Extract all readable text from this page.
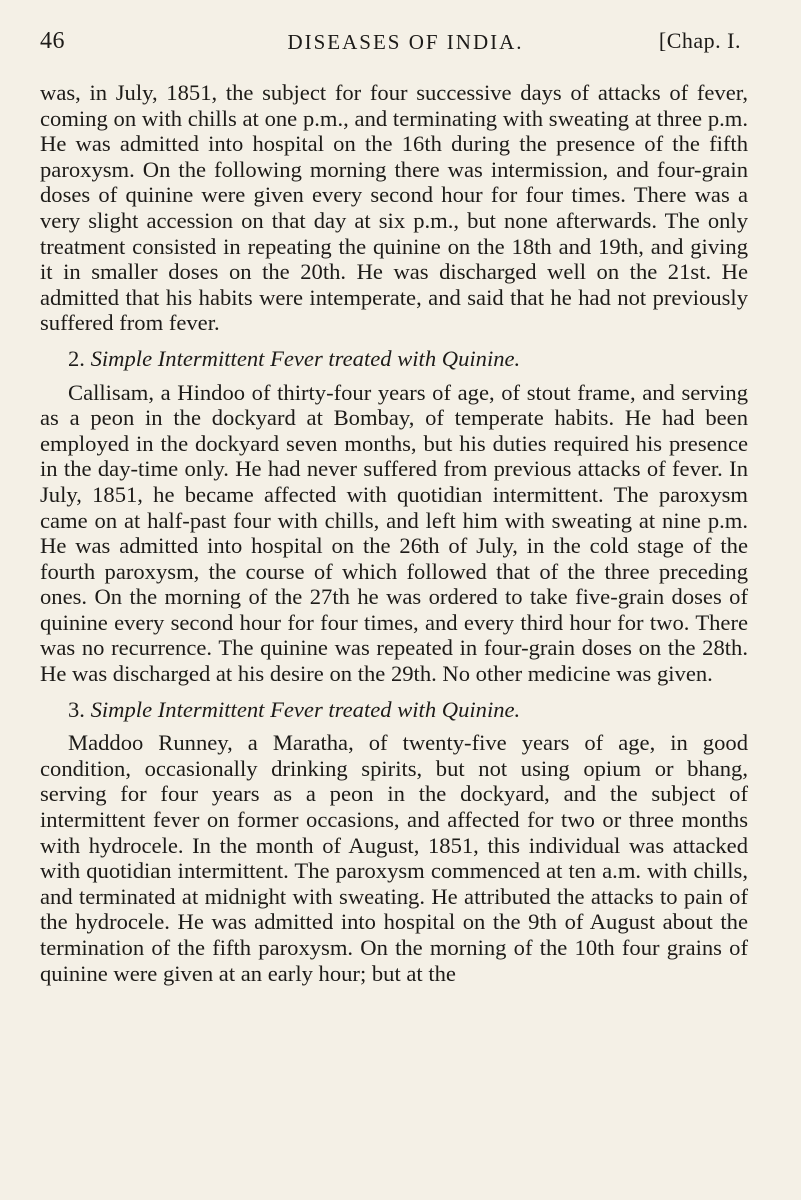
46	DISEASES OF INDIA.	[Chap. I.

was, in July, 1851, the subject for four successive days of attacks of fever, coming on with chills at one p.m., and terminating with sweating at three p.m. He was admitted into hospital on the 16th during the presence of the fifth paroxysm. On the following morning there was intermission, and four-grain doses of quinine were given every second hour for four times. There was a very slight accession on that day at six p.m., but none afterwards. The only treatment consisted in repeating the quinine on the 18th and 19th, and giving it in smaller doses on the 20th. He was discharged well on the 21st. He admitted that his habits were intemperate, and said that he had not previously suffered from fever.

2. Simple Intermittent Fever treated with Quinine.

Callisam, a Hindoo of thirty-four years of age, of stout frame, and serving as a peon in the dockyard at Bombay, of temperate habits. He had been employed in the dockyard seven months, but his duties required his presence in the day-time only. He had never suffered from previous attacks of fever. In July, 1851, he became affected with quotidian intermittent. The paroxysm came on at half-past four with chills, and left him with sweating at nine p.m. He was admitted into hospital on the 26th of July, in the cold stage of the fourth paroxysm, the course of which followed that of the three preceding ones. On the morning of the 27th he was ordered to take five-grain doses of quinine every second hour for four times, and every third hour for two. There was no recurrence. The quinine was repeated in four-grain doses on the 28th. He was discharged at his desire on the 29th. No other medicine was given.

3. Simple Intermittent Fever treated with Quinine.

Maddoo Runney, a Maratha, of twenty-five years of age, in good condition, occasionally drinking spirits, but not using opium or bhang, serving for four years as a peon in the dockyard, and the subject of intermittent fever on former occasions, and affected for two or three months with hydrocele. In the month of August, 1851, this individual was attacked with quotidian intermittent. The paroxysm commenced at ten a.m. with chills, and terminated at midnight with sweating. He attributed the attacks to pain of the hydrocele. He was admitted into hospital on the 9th of August about the termination of the fifth paroxysm. On the morning of the 10th four grains of quinine were given at an early hour; but at the
